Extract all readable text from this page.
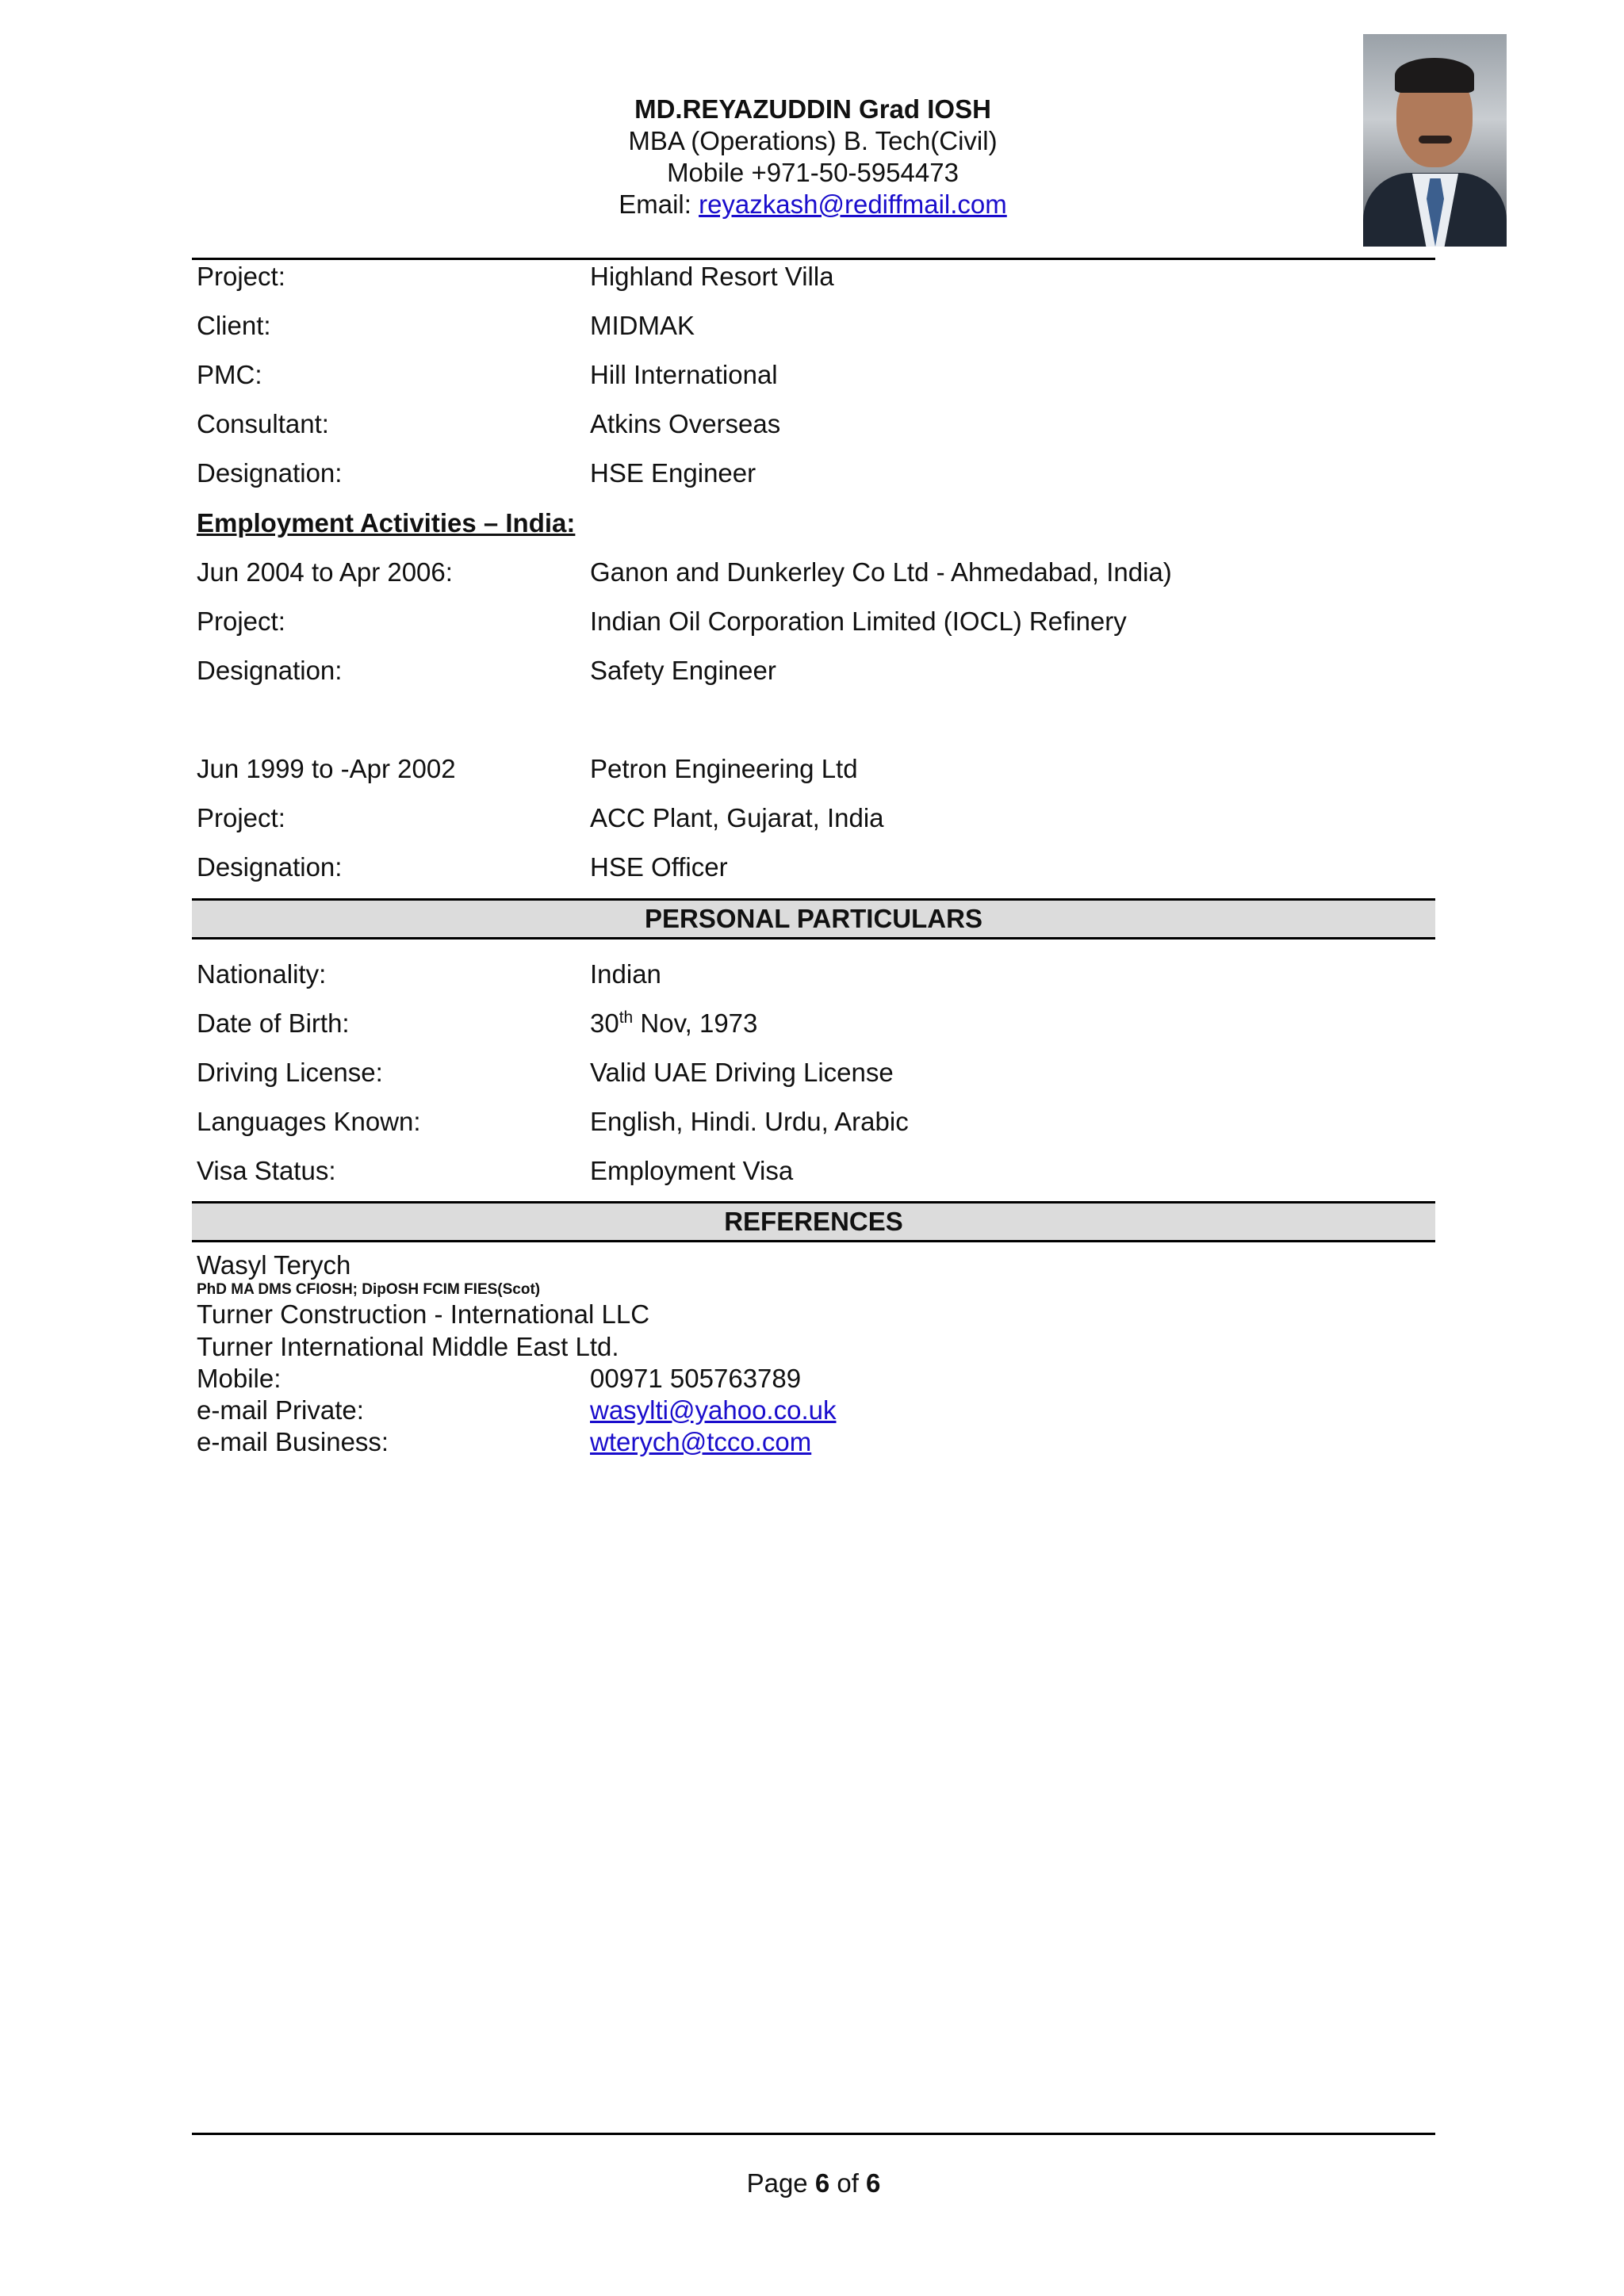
MD.REYAZUDDIN Grad IOSH
MBA (Operations) B. Tech(Civil)
Mobile +971-50-5954473
Email: reyazkash@rediffmail.com
Project:	Highland Resort Villa
Client:	MIDMAK
PMC:	Hill International
Consultant:	Atkins Overseas
Designation:	HSE Engineer
Employment Activities – India:
Jun 2004 to Apr 2006:	Ganon and Dunkerley Co Ltd - Ahmedabad, India)
Project:	Indian Oil Corporation Limited (IOCL) Refinery
Designation:	Safety Engineer
Jun 1999 to -Apr 2002	Petron Engineering Ltd
Project:	ACC Plant, Gujarat, India
Designation:	HSE Officer
PERSONAL PARTICULARS
Nationality:	Indian
Date of Birth:	30th Nov, 1973
Driving License:	Valid UAE Driving License
Languages Known:	English, Hindi. Urdu, Arabic
Visa Status:	Employment Visa
REFERENCES
Wasyl Terych
PhD MA DMS CFIOSH; DipOSH FCIM FIES(Scot)
Turner Construction - International LLC
Turner International Middle East Ltd.
Mobile:	00971 505763789
e-mail Private:	wasylti@yahoo.co.uk
e-mail Business:	wterych@tcco.com
Page 6 of 6
